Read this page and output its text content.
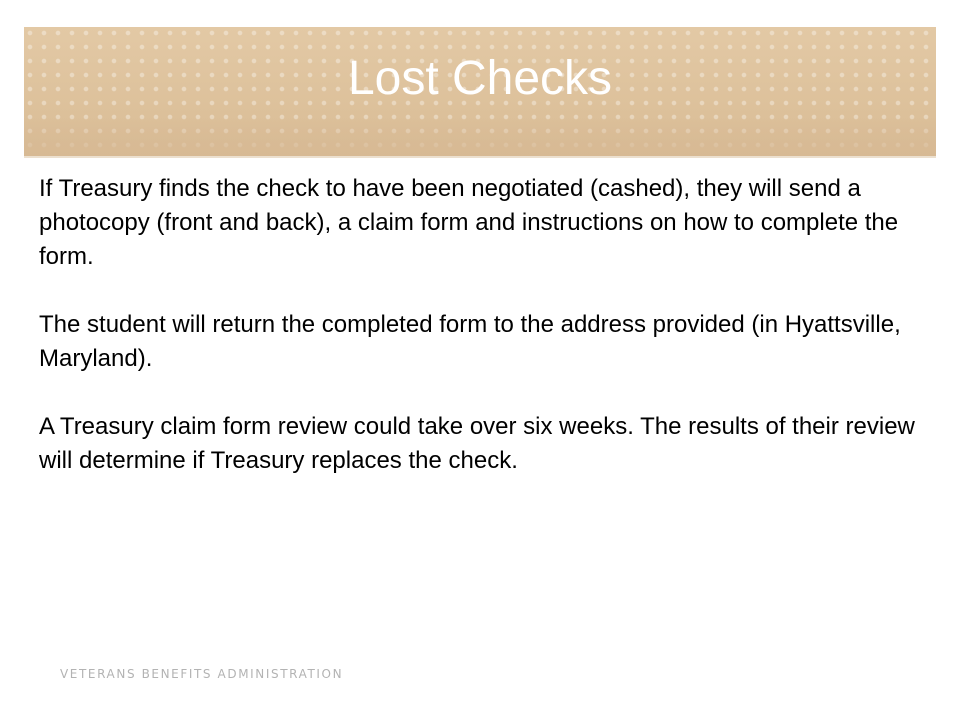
Lost Checks

If Treasury finds the check to have been negotiated (cashed), they will send a photocopy (front and back), a claim form and instructions on how to complete the form.

The student will return the completed form to the address provided (in Hyattsville, Maryland).

A Treasury claim form review could take over six weeks. The results of their review will determine if Treasury replaces the check.

VETERANS BENEFITS ADMINISTRATION
